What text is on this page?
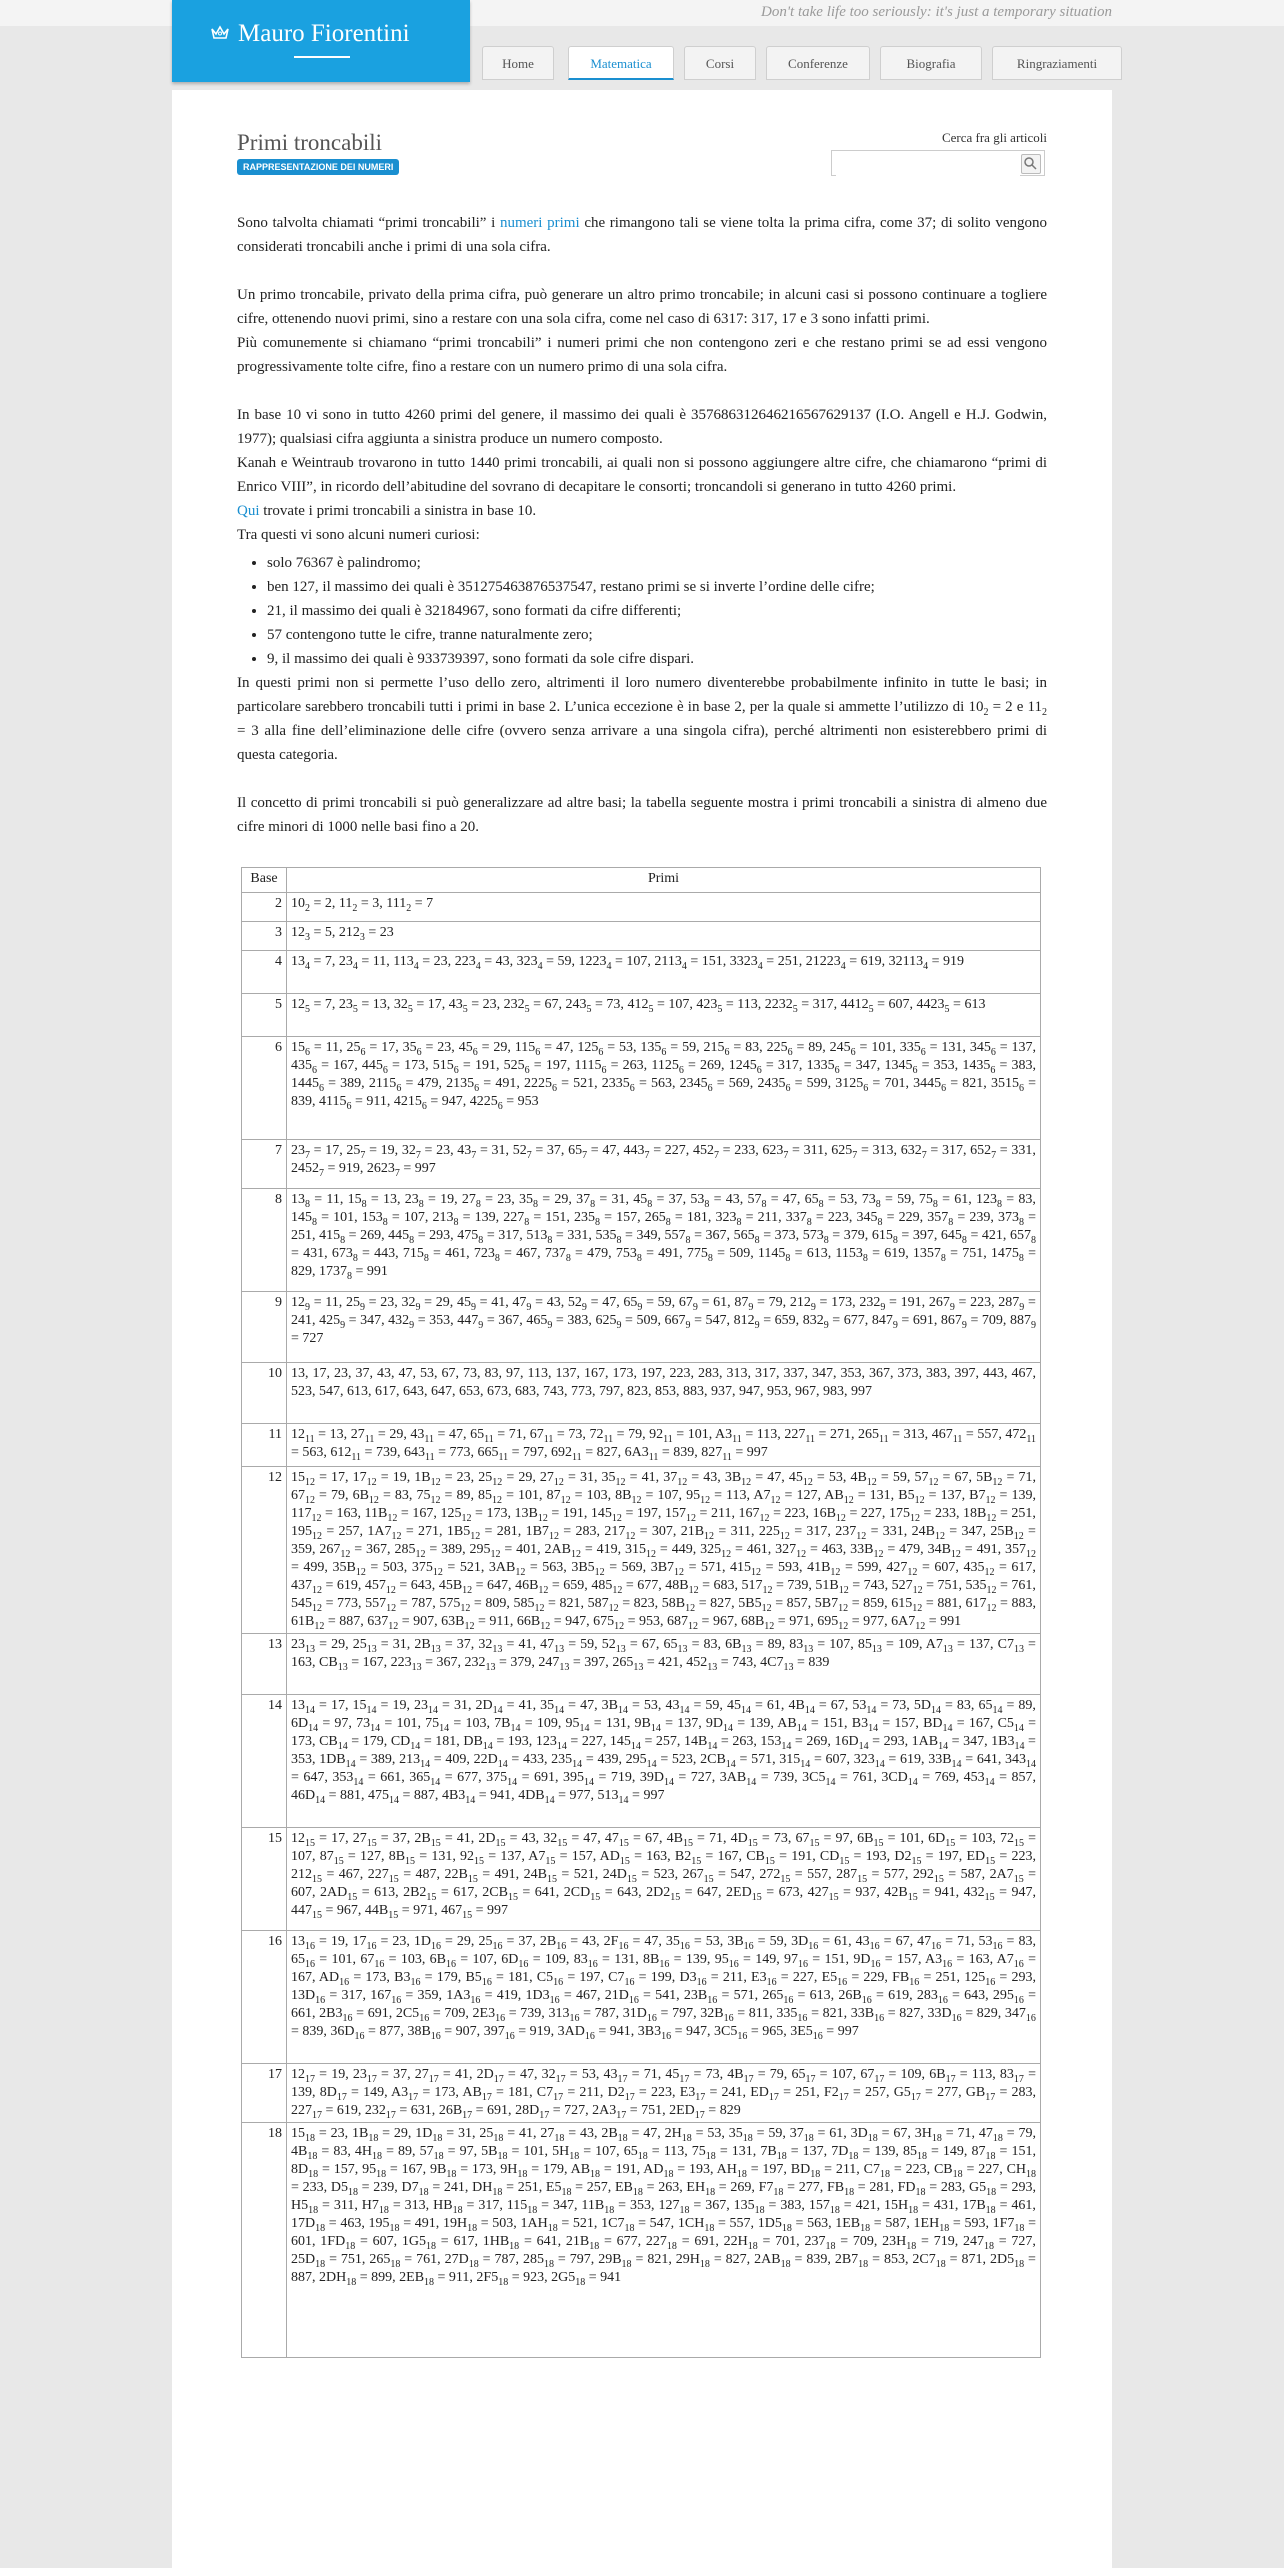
Don't take life too seriously: it's just a temporary situation
Mauro Fiorentini
Home	Matematica	Corsi	Conferenze	Biografia	Ringraziamenti
Primi troncabili
RAPPRESENTAZIONE DEI NUMERI
Cerca fra gli articoli

Sono talvolta chiamati “primi troncabili” i numeri primi che rimangono tali se viene tolta la prima cifra, come 37; di solito vengono considerati troncabili anche i primi di una sola cifra.

Un primo troncabile, privato della prima cifra, può generare un altro primo troncabile; in alcuni casi si possono continuare a togliere cifre, ottenendo nuovi primi, sino a restare con una sola cifra, come nel caso di 6317: 317, 17 e 3 sono infatti primi.

Più comunemente si chiamano “primi troncabili” i numeri primi che non contengono zeri e che restano primi se ad essi vengono progressivamente tolte cifre, fino a restare con un numero primo di una sola cifra.

In base 10 vi sono in tutto 4260 primi del genere, il massimo dei quali è 357686312646216567629137 (I.O. Angell e H.J. Godwin, 1977); qualsiasi cifra aggiunta a sinistra produce un numero composto.

Kanah e Weintraub trovarono in tutto 1440 primi troncabili, ai quali non si possono aggiungere altre cifre, che chiamarono “primi di Enrico VIII”, in ricordo dell’abitudine del sovrano di decapitare le consorti; troncandoli si generano in tutto 4260 primi.

Qui trovate i primi troncabili a sinistra in base 10.

Tra questi vi sono alcuni numeri curiosi:

• solo 76367 è palindromo;
• ben 127, il massimo dei quali è 351275463876537547, restano primi se si inverte l’ordine delle cifre;
• 21, il massimo dei quali è 32184967, sono formati da cifre differenti;
• 57 contengono tutte le cifre, tranne naturalmente zero;
• 9, il massimo dei quali è 933739397, sono formati da sole cifre dispari.

In questi primi non si permette l’uso dello zero, altrimenti il loro numero diventerebbe probabilmente infinito in tutte le basi; in particolare sarebbero troncabili tutti i primi in base 2. L’unica eccezione è in base 2, per la quale si ammette l’utilizzo di $10_2 = 2$ e $11_2 = 3$ alla fine dell’eliminazione delle cifre (ovvero senza arrivare a una singola cifra), perché altrimenti non esisterebbero primi di questa categoria.

Il concetto di primi troncabili si può generalizzare ad altre basi; la tabella seguente mostra i primi troncabili a sinistra di almeno due cifre minori di 1000 nelle basi fino a 20.

Base	Primi
2	$10_2 = 2$, $11_2 = 3$, $111_2 = 7$
3	$12_3 = 5$, $212_3 = 23$
4	$13_4 = 7$, $23_4 = 11$, $113_4 = 23$, $223_4 = 43$, $323_4 = 59$, $1223_4 = 107$, $2113_4 = 151$, $3323_4 = 251$, $21223_4 = 619$, $32113_4 = 919$
5	$12_5 = 7$, $23_5 = 13$, $32_5 = 17$, $43_5 = 23$, $232_5 = 67$, $243_5 = 73$, $412_5 = 107$, $423_5 = 113$, $2232_5 = 317$, $4412_5 = 607$, $4423_5 = 613$
6	$15_6 = 11$, $25_6 = 17$, $35_6 = 23$, $45_6 = 29$, $115_6 = 47$, $125_6 = 53$, $135_6 = 59$, $215_6 = 83$, $225_6 = 89$, $245_6 = 101$, $335_6 = 131$, $345_6 = 137$, $435_6 = 167$, $445_6 = 173$, $515_6 = 191$, $525_6 = 197$, $1115_6 = 263$, $1125_6 = 269$, $1245_6 = 317$, $1335_6 = 347$, $1345_6 = 353$, $1435_6 = 383$, $1445_6 = 389$, $2115_6 = 479$, $2135_6 = 491$, $2225_6 = 521$, $2335_6 = 563$, $2345_6 = 569$, $2435_6 = 599$, $3125_6 = 701$, $3445_6 = 821$, $3515_6 = 839$, $4115_6 = 911$, $4215_6 = 947$, $4225_6 = 953$
7	$23_7 = 17$, $25_7 = 19$, $32_7 = 23$, $43_7 = 31$, $52_7 = 37$, $65_7 = 47$, $443_7 = 227$, $452_7 = 233$, $623_7 = 311$, $625_7 = 313$, $632_7 = 317$, $652_7 = 331$, $2452_7 = 919$, $2623_7 = 997$
8	$13_8 = 11$, $15_8 = 13$, $23_8 = 19$, $27_8 = 23$, $35_8 = 29$, $37_8 = 31$, $45_8 = 37$, $53_8 = 43$, $57_8 = 47$, $65_8 = 53$, $73_8 = 59$, $75_8 = 61$, $123_8 = 83$, $145_8 = 101$, $153_8 = 107$, $213_8 = 139$, $227_8 = 151$, $235_8 = 157$, $265_8 = 181$, $323_8 = 211$, $337_8 = 223$, $345_8 = 229$, $357_8 = 239$, $373_8 = 251$, $415_8 = 269$, $445_8 = 293$, $475_8 = 317$, $513_8 = 331$, $535_8 = 349$, $557_8 = 367$, $565_8 = 373$, $573_8 = 379$, $615_8 = 397$, $645_8 = 421$, $657_8 = 431$, $673_8 = 443$, $715_8 = 461$, $723_8 = 467$, $737_8 = 479$, $753_8 = 491$, $775_8 = 509$, $1145_8 = 613$, $1153_8 = 619$, $1357_8 = 751$, $1475_8 = 829$, $1737_8 = 991$
9	$12_9 = 11$, $25_9 = 23$, $32_9 = 29$, $45_9 = 41$, $47_9 = 43$, $52_9 = 47$, $65_9 = 59$, $67_9 = 61$, $87_9 = 79$, $212_9 = 173$, $232_9 = 191$, $267_9 = 223$, $287_9 = 241$, $425_9 = 347$, $432_9 = 353$, $447_9 = 367$, $465_9 = 383$, $625_9 = 509$, $667_9 = 547$, $812_9 = 659$, $832_9 = 677$, $847_9 = 691$, $867_9 = 709$, $887_9 = 727$
10	13, 17, 23, 37, 43, 47, 53, 67, 73, 83, 97, 113, 137, 167, 173, 197, 223, 283, 313, 317, 337, 347, 353, 367, 373, 383, 397, 443, 467, 523, 547, 613, 617, 643, 647, 653, 673, 683, 743, 773, 797, 823, 853, 883, 937, 947, 953, 967, 983, 997
11	$12_{11} = 13$, $27_{11} = 29$, $43_{11} = 47$, $65_{11} = 71$, $67_{11} = 73$, $72_{11} = 79$, $92_{11} = 101$, $A3_{11} = 113$, $227_{11} = 271$, $265_{11} = 313$, $467_{11} = 557$, $472_{11} = 563$, $612_{11} = 739$, $643_{11} = 773$, $665_{11} = 797$, $692_{11} = 827$, $6A3_{11} = 839$, $827_{11} = 997$
12	$15_{12} = 17$, $17_{12} = 19$, $1B_{12} = 23$, $25_{12} = 29$, $27_{12} = 31$, $35_{12} = 41$, $37_{12} = 43$, $3B_{12} = 47$, $45_{12} = 53$, $4B_{12} = 59$, $57_{12} = 67$, $5B_{12} = 71$, $67_{12} = 79$, $6B_{12} = 83$, $75_{12} = 89$, $85_{12} = 101$, $87_{12} = 103$, $8B_{12} = 107$, $95_{12} = 113$, $A7_{12} = 127$, $AB_{12} = 131$, $B5_{12} = 137$, $B7_{12} = 139$, $117_{12} = 163$, $11B_{12} = 167$, $125_{12} = 173$, $13B_{12} = 191$, $145_{12} = 197$, $157_{12} = 211$, $167_{12} = 223$, $16B_{12} = 227$, $175_{12} = 233$, $18B_{12} = 251$, $195_{12} = 257$, $1A7_{12} = 271$, $1B5_{12} = 281$, $1B7_{12} = 283$, $217_{12} = 307$, $21B_{12} = 311$, $225_{12} = 317$, $237_{12} = 331$, $24B_{12} = 347$, $25B_{12} = 359$, $267_{12} = 367$, $285_{12} = 389$, $295_{12} = 401$, $2AB_{12} = 419$, $315_{12} = 449$, $325_{12} = 461$, $327_{12} = 463$, $33B_{12} = 479$, $34B_{12} = 491$, $357_{12} = 499$, $35B_{12} = 503$, $375_{12} = 521$, $3AB_{12} = 563$, $3B5_{12} = 569$, $3B7_{12} = 571$, $415_{12} = 593$, $41B_{12} = 599$, $427_{12} = 607$, $435_{12} = 617$, $437_{12} = 619$, $457_{12} = 643$, $45B_{12} = 647$, $46B_{12} = 659$, $485_{12} = 677$, $48B_{12} = 683$, $517_{12} = 739$, $51B_{12} = 743$, $527_{12} = 751$, $535_{12} = 761$, $545_{12} = 773$, $557_{12} = 787$, $575_{12} = 809$, $585_{12} = 821$, $587_{12} = 823$, $58B_{12} = 827$, $5B5_{12} = 857$, $5B7_{12} = 859$, $615_{12} = 881$, $617_{12} = 883$, $61B_{12} = 887$, $637_{12} = 907$, $63B_{12} = 911$, $66B_{12} = 947$, $675_{12} = 953$, $687_{12} = 967$, $68B_{12} = 971$, $695_{12} = 977$, $6A7_{12} = 991$
13	$23_{13} = 29$, $25_{13} = 31$, $2B_{13} = 37$, $32_{13} = 41$, $47_{13} = 59$, $52_{13} = 67$, $65_{13} = 83$, $6B_{13} = 89$, $83_{13} = 107$, $85_{13} = 109$, $A7_{13} = 137$, $C7_{13} = 163$, $CB_{13} = 167$, $223_{13} = 367$, $232_{13} = 379$, $247_{13} = 397$, $265_{13} = 421$, $452_{13} = 743$, $4C7_{13} = 839$
14	$13_{14} = 17$, $15_{14} = 19$, $23_{14} = 31$, $2D_{14} = 41$, $35_{14} = 47$, $3B_{14} = 53$, $43_{14} = 59$, $45_{14} = 61$, $4B_{14} = 67$, $53_{14} = 73$, $5D_{14} = 83$, $65_{14} = 89$, $6D_{14} = 97$, $73_{14} = 101$, $75_{14} = 103$, $7B_{14} = 109$, $95_{14} = 131$, $9B_{14} = 137$, $9D_{14} = 139$, $AB_{14} = 151$, $B3_{14} = 157$, $BD_{14} = 167$, $C5_{14} = 173$, $CB_{14} = 179$, $CD_{14} = 181$, $DB_{14} = 193$, $123_{14} = 227$, $145_{14} = 257$, $14B_{14} = 263$, $153_{14} = 269$, $16D_{14} = 293$, $1AB_{14} = 347$, $1B3_{14} = 353$, $1DB_{14} = 389$, $213_{14} = 409$, $22D_{14} = 433$, $235_{14} = 439$, $295_{14} = 523$, $2CB_{14} = 571$, $315_{14} = 607$, $323_{14} = 619$, $33B_{14} = 641$, $343_{14} = 647$, $353_{14} = 661$, $365_{14} = 677$, $375_{14} = 691$, $395_{14} = 719$, $39D_{14} = 727$, $3AB_{14} = 739$, $3C5_{14} = 761$, $3CD_{14} = 769$, $453_{14} = 857$, $46D_{14} = 881$, $475_{14} = 887$, $4B3_{14} = 941$, $4DB_{14} = 977$, $513_{14} = 997$
15	$12_{15} = 17$, $27_{15} = 37$, $2B_{15} = 41$, $2D_{15} = 43$, $32_{15} = 47$, $47_{15} = 67$, $4B_{15} = 71$, $4D_{15} = 73$, $67_{15} = 97$, $6B_{15} = 101$, $6D_{15} = 103$, $72_{15} = 107$, $87_{15} = 127$, $8B_{15} = 131$, $92_{15} = 137$, $A7_{15} = 157$, $AD_{15} = 163$, $B2_{15} = 167$, $CB_{15} = 191$, $CD_{15} = 193$, $D2_{15} = 197$, $ED_{15} = 223$, $212_{15} = 467$, $227_{15} = 487$, $22B_{15} = 491$, $24B_{15} = 521$, $24D_{15} = 523$, $267_{15} = 547$, $272_{15} = 557$, $287_{15} = 577$, $292_{15} = 587$, $2A7_{15} = 607$, $2AD_{15} = 613$, $2B2_{15} = 617$, $2CB_{15} = 641$, $2CD_{15} = 643$, $2D2_{15} = 647$, $2ED_{15} = 673$, $427_{15} = 937$, $42B_{15} = 941$, $432_{15} = 947$, $447_{15} = 967$, $44B_{15} = 971$, $467_{15} = 997$
16	$13_{16} = 19$, $17_{16} = 23$, $1D_{16} = 29$, $25_{16} = 37$, $2B_{16} = 43$, $2F_{16} = 47$, $35_{16} = 53$, $3B_{16} = 59$, $3D_{16} = 61$, $43_{16} = 67$, $47_{16} = 71$, $53_{16} = 83$, $65_{16} = 101$, $67_{16} = 103$, $6B_{16} = 107$, $6D_{16} = 109$, $83_{16} = 131$, $8B_{16} = 139$, $95_{16} = 149$, $97_{16} = 151$, $9D_{16} = 157$, $A3_{16} = 163$, $A7_{16} = 167$, $AD_{16} = 173$, $B3_{16} = 179$, $B5_{16} = 181$, $C5_{16} = 197$, $C7_{16} = 199$, $D3_{16} = 211$, $E3_{16} = 227$, $E5_{16} = 229$, $FB_{16} = 251$, $125_{16} = 293$, $13D_{16} = 317$, $167_{16} = 359$, $1A3_{16} = 419$, $1D3_{16} = 467$, $21D_{16} = 541$, $23B_{16} = 571$, $265_{16} = 613$, $26B_{16} = 619$, $283_{16} = 643$, $295_{16} = 661$, $2B3_{16} = 691$, $2C5_{16} = 709$, $2E3_{16} = 739$, $313_{16} = 787$, $31D_{16} = 797$, $32B_{16} = 811$, $335_{16} = 821$, $33B_{16} = 827$, $33D_{16} = 829$, $347_{16} = 839$, $36D_{16} = 877$, $38B_{16} = 907$, $397_{16} = 919$, $3AD_{16} = 941$, $3B3_{16} = 947$, $3C5_{16} = 965$, $3E5_{16} = 997$
17	$12_{17} = 19$, $23_{17} = 37$, $27_{17} = 41$, $2D_{17} = 47$, $32_{17} = 53$, $43_{17} = 71$, $45_{17} = 73$, $4B_{17} = 79$, $65_{17} = 107$, $67_{17} = 109$, $6B_{17} = 113$, $83_{17} = 139$, $8D_{17} = 149$, $A3_{17} = 173$, $AB_{17} = 181$, $C7_{17} = 211$, $D2_{17} = 223$, $E3_{17} = 241$, $ED_{17} = 251$, $F2_{17} = 257$, $G5_{17} = 277$, $GB_{17} = 283$, $227_{17} = 619$, $232_{17} = 631$, $26B_{17} = 691$, $28D_{17} = 727$, $2A3_{17} = 751$, $2ED_{17} = 829$
18	$15_{18} = 23$, $1B_{18} = 29$, $1D_{18} = 31$, $25_{18} = 41$, $27_{18} = 43$, $2B_{18} = 47$, $2H_{18} = 53$, $35_{18} = 59$, $37_{18} = 61$, $3D_{18} = 67$, $3H_{18} = 71$, $47_{18} = 79$, $4B_{18} = 83$, $4H_{18} = 89$, $57_{18} = 97$, $5B_{18} = 101$, $5H_{18} = 107$, $65_{18} = 113$, $75_{18} = 131$, $7B_{18} = 137$, $7D_{18} = 139$, $85_{18} = 149$, $87_{18} = 151$, $8D_{18} = 157$, $95_{18} = 167$, $9B_{18} = 173$, $9H_{18} = 179$, $AB_{18} = 191$, $AD_{18} = 193$, $AH_{18} = 197$, $BD_{18} = 211$, $C7_{18} = 223$, $CB_{18} = 227$, $CH_{18} = 233$, $D5_{18} = 239$, $D7_{18} = 241$, $DH_{18} = 251$, $E5_{18} = 257$, $EB_{18} = 263$, $EH_{18} = 269$, $F7_{18} = 277$, $FB_{18} = 281$, $FD_{18} = 283$, $G5_{18} = 293$, $H5_{18} = 311$, $H7_{18} = 313$, $HB_{18} = 317$, $115_{18} = 347$, $11B_{18} = 353$, $127_{18} = 367$, $135_{18} = 383$, $157_{18} = 421$, $15H_{18} = 431$, $17B_{18} = 461$, $17D_{18} = 463$, $195_{18} = 491$, $19H_{18} = 503$, $1AH_{18} = 521$, $1C7_{18} = 547$, $1CH_{18} = 557$, $1D5_{18} = 563$, $1EB_{18} = 587$, $1EH_{18} = 593$, $1F7_{18} = 601$, $1FD_{18} = 607$, $1G5_{18} = 617$, $1HB_{18} = 641$, $21B_{18} = 677$, $227_{18} = 691$, $22H_{18} = 701$, $237_{18} = 709$, $23H_{18} = 719$, $247_{18} = 727$, $25D_{18} = 751$, $265_{18} = 761$, $27D_{18} = 787$, $285_{18} = 797$, $29B_{18} = 821$, $29H_{18} = 827$, $2AB_{18} = 839$, $2B7_{18} = 853$, $2C7_{18} = 871$, $2D5_{18} = 887$, $2DH_{18} = 899$, $2EB_{18} = 911$, $2F5_{18} = 923$, $2G5_{18} = 941$
